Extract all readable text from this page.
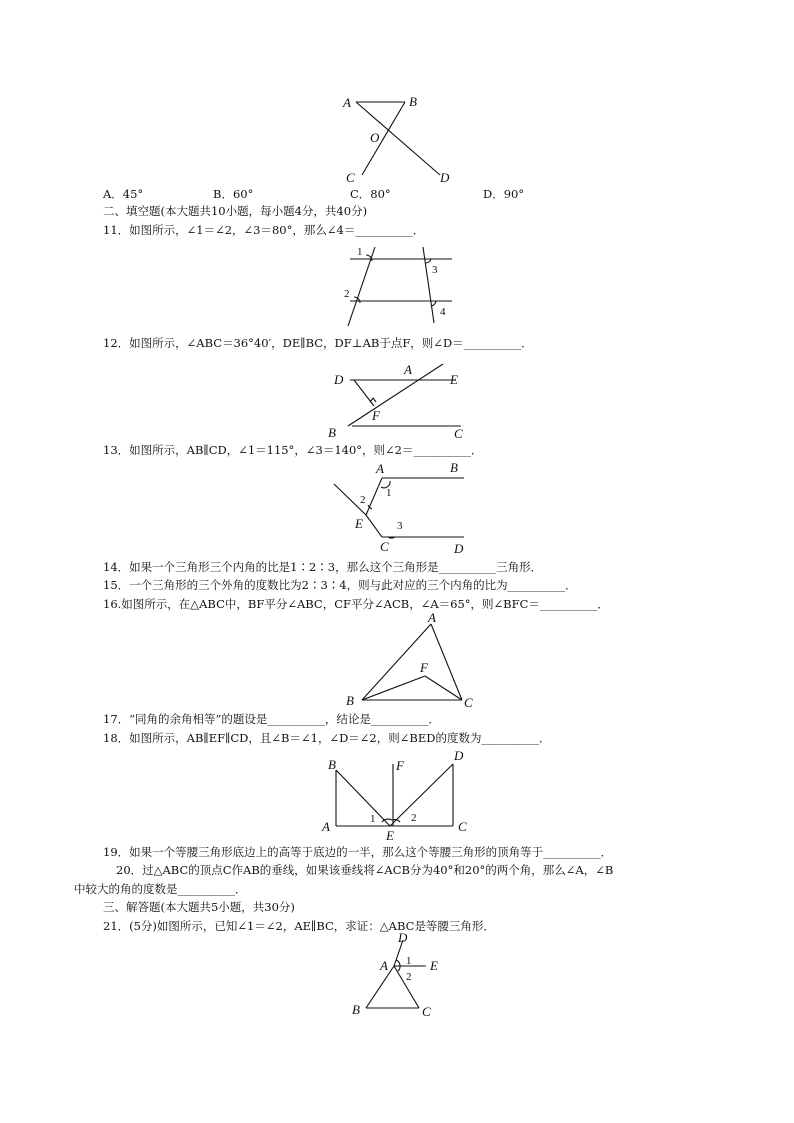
A	B
O
C	D
A．45°	B．60°	C．80°	D．90°
二、填空题(本大题共10小题，每小题4分，共40分)
11．如图所示，∠1＝∠2，∠3＝80°，那么∠4＝__________．
1
3
2
4
12．如图所示，∠ABC＝36°40′，DE∥BC，DF⊥AB于点F，则∠D＝__________．
D
A
E
F
B	C
13．如图所示，AB∥CD，∠1＝115°，∠3＝140°，则∠2＝__________．
A	B
1
2
E	3
C	D
14．如果一个三角形三个内角的比是1∶2∶3，那么这个三角形是__________三角形．
15．一个三角形的三个外角的度数比为2∶3∶4，则与此对应的三个内角的比为__________．
16.如图所示，在△ABC中，BF平分∠ABC，CF平分∠ACB，∠A＝65°，则∠BFC＝__________．
A
F
B	C
17．“同角的余角相等”的题设是__________，结论是__________．
18．如图所示，AB∥EF∥CD，且∠B＝∠1，∠D＝∠2，则∠BED的度数为__________．
B	F
D
A	1	2
E
C
19．如果一个等腰三角形底边上的高等于底边的一半，那么这个等腰三角形的顶角等于__________．
20．过△ABC的顶点C作AB的垂线，如果该垂线将∠ACB分为40°和20°的两个角，那么∠A，∠B
中较大的角的度数是__________．
三、解答题(本大题共5小题，共30分)
21．(5分)如图所示，已知∠1＝∠2，AE∥BC，求证：△ABC是等腰三角形．
D
A 1 E
2
B	C
